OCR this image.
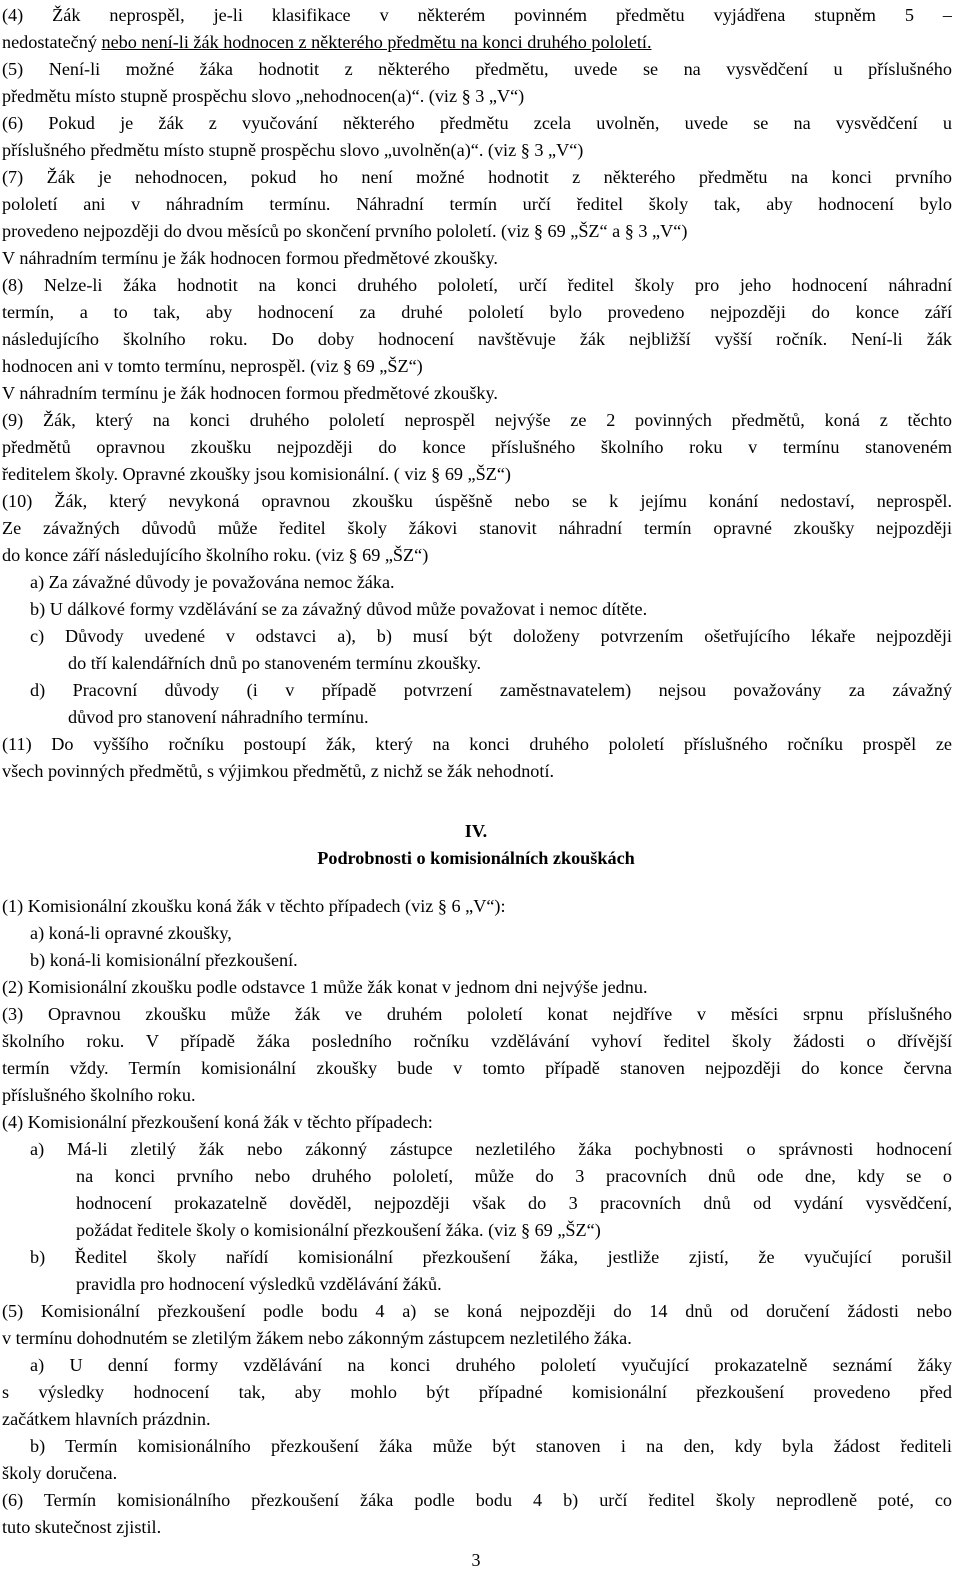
(4) Žák neprospěl, je-li klasifikace v některém povinném předmětu vyjádřena stupněm 5 –

nedostatečný nebo není-li žák hodnocen z některého předmětu na konci druhého pololetí.

(5) Není-li možné žáka hodnotit z některého předmětu, uvede se na vysvědčení u příslušného

předmětu místo stupně prospěchu slovo „nehodnocen(a)“. (viz § 3 „V“)

(6) Pokud je žák z vyučování některého předmětu zcela uvolněn, uvede se na vysvědčení u

příslušného předmětu místo stupně prospěchu slovo „uvolněn(a)“. (viz § 3 „V“)

(7) Žák je nehodnocen, pokud ho není možné hodnotit z některého předmětu na konci prvního

pololetí ani v náhradním termínu. Náhradní termín určí ředitel školy tak, aby hodnocení bylo

provedeno nejpozději do dvou měsíců po skončení prvního pololetí. (viz § 69 „ŠZ“ a § 3 „V“)

V náhradním termínu je žák hodnocen formou předmětové zkoušky.

(8) Nelze-li žáka hodnotit na konci druhého pololetí, určí ředitel školy pro jeho hodnocení náhradní

termín, a to tak, aby hodnocení za druhé pololetí bylo provedeno nejpozději do konce září

následujícího školního roku. Do doby hodnocení navštěvuje žák nejbližší vyšší ročník. Není-li žák

hodnocen ani v tomto termínu, neprospěl. (viz § 69 „ŠZ“)

V náhradním termínu je žák hodnocen formou předmětové zkoušky.

(9) Žák, který na konci druhého pololetí neprospěl nejvýše ze 2 povinných předmětů, koná z těchto

předmětů opravnou zkoušku nejpozději do konce příslušného školního roku v termínu stanoveném

ředitelem školy. Opravné zkoušky jsou komisionální. ( viz § 69 „ŠZ“)

(10) Žák, který nevykoná opravnou zkoušku úspěšně nebo se k jejímu konání nedostaví, neprospěl.

Ze závažných důvodů může ředitel školy žákovi stanovit náhradní termín opravné zkoušky nejpozději

do konce září následujícího školního roku. (viz § 69 „ŠZ“)

a) Za závažné důvody je považována nemoc žáka.

b) U dálkové formy vzdělávání se za závažný důvod může považovat i nemoc dítěte.

c) Důvody uvedené v odstavci a), b) musí být doloženy potvrzením ošetřujícího lékaře nejpozději

do tří kalendářních dnů po stanoveném termínu zkoušky.

d) Pracovní důvody (i v případě potvrzení zaměstnavatelem) nejsou považovány za závažný

důvod pro stanovení náhradního termínu.

(11) Do vyššího ročníku postoupí žák, který na konci druhého pololetí příslušného ročníku prospěl ze

všech povinných předmětů, s výjimkou předmětů, z nichž se žák nehodnotí.

IV.

Podrobnosti o komisionálních zkouškách

(1) Komisionální zkoušku koná žák v těchto případech (viz § 6 „V“):

a) koná-li opravné zkoušky,

b) koná-li komisionální přezkoušení.

(2) Komisionální zkoušku podle odstavce 1 může žák konat v jednom dni nejvýše jednu.

(3) Opravnou zkoušku může žák ve druhém pololetí konat nejdříve v měsíci srpnu příslušného

školního roku. V případě žáka posledního ročníku vzdělávání vyhoví ředitel školy žádosti o dřívější

termín vždy. Termín komisionální zkoušky bude v tomto případě stanoven nejpozději do konce června

příslušného školního roku.

(4) Komisionální přezkoušení koná žák v těchto případech:

a) Má-li zletilý žák nebo zákonný zástupce nezletilého žáka pochybnosti o správnosti hodnocení

na konci prvního nebo druhého pololetí, může do 3 pracovních dnů ode dne, kdy se o

hodnocení prokazatelně dověděl, nejpozději však do 3 pracovních dnů od vydání vysvědčení,

požádat ředitele školy o komisionální přezkoušení žáka. (viz § 69 „ŠZ“)

b) Ředitel školy nařídí komisionální přezkoušení žáka, jestliže zjistí, že vyučující porušil

pravidla pro hodnocení výsledků vzdělávání žáků.

(5) Komisionální přezkoušení podle bodu 4 a) se koná nejpozději do 14 dnů od doručení žádosti nebo

v termínu dohodnutém se zletilým žákem nebo zákonným zástupcem nezletilého žáka.

a) U denní formy vzdělávání na konci druhého pololetí vyučující prokazatelně seznámí žáky

s výsledky hodnocení tak, aby mohlo být případné komisionální přezkoušení provedeno před

začátkem hlavních prázdnin.

b) Termín komisionálního přezkoušení žáka může být stanoven i na den, kdy byla žádost řediteli

školy doručena.

(6) Termín komisionálního přezkoušení žáka podle bodu 4 b) určí ředitel školy neprodleně poté, co

tuto skutečnost zjistil.

3
